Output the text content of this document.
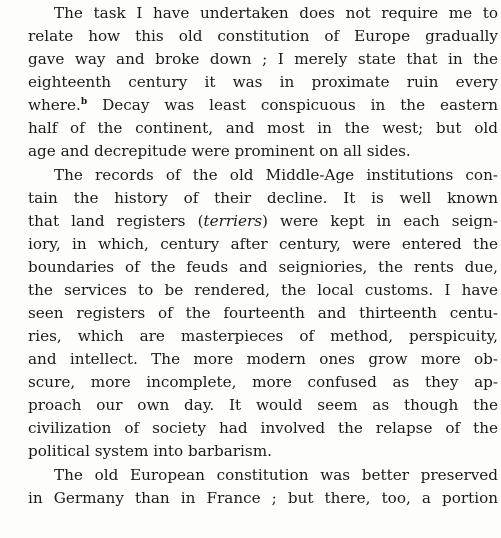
The task I have undertaken does not require me to
relate how this old constitution of Europe gradually
gave way and broke down ; I merely state that in the
eighteenth century it was in proximate ruin every
where.$^b$ Decay was least conspicuous in the eastern
half of the continent, and most in the west; but old
age and decrepitude were prominent on all sides.
The records of the old Middle-Age institutions con-
tain the history of their decline. It is well known
that land registers (terriers) were kept in each seign-
iory, in which, century after century, were entered the
boundaries of the feuds and seigniories, the rents due,
the services to be rendered, the local customs. I have
seen registers of the fourteenth and thirteenth centu-
ries, which are masterpieces of method, perspicuity,
and intellect. The more modern ones grow more ob-
scure, more incomplete, more confused as they ap-
proach our own day. It would seem as though the
civilization of society had involved the relapse of the
political system into barbarism.
The old European constitution was better preserved
in Germany than in France ; but there, too, a portion
